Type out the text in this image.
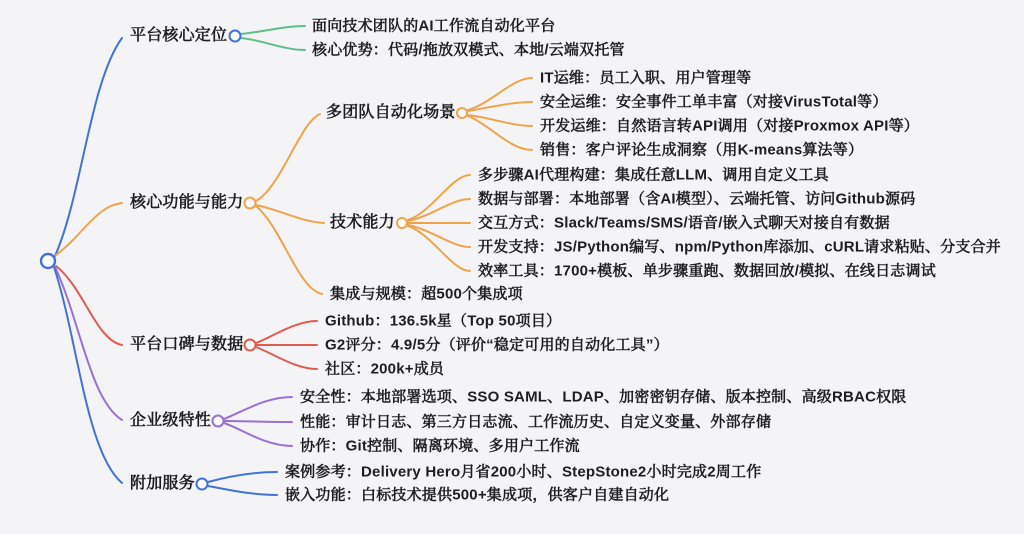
平台核心定位
核心功能与能力
平台口碑与数据
企业级特性
附加服务
面向技术团队的AI工作流自动化平台
核心优势：代码/拖放双模式、本地/云端双托管
多团队自动化场景
IT运维：员工入职、用户管理等
安全运维：安全事件工单丰富（对接VirusTotal等）
开发运维：自然语言转API调用（对接Proxmox API等）
销售：客户评论生成洞察（用K-means算法等）
技术能力
多步骤AI代理构建：集成任意LLM、调用自定义工具
数据与部署：本地部署（含AI模型）、云端托管、访问Github源码
交互方式：Slack/Teams/SMS/语音/嵌入式聊天对接自有数据
开发支持：JS/Python编写、npm/Python库添加、cURL请求粘贴、分支合并
效率工具：1700+模板、单步骤重跑、数据回放/模拟、在线日志调试
集成与规模：超500个集成项
Github：136.5k星（Top 50项目）
G2评分：4.9/5分（评价“稳定可用的自动化工具”）
社区：200k+成员
安全性：本地部署选项、SSO SAML、LDAP、加密密钥存储、版本控制、高级RBAC权限
性能：审计日志、第三方日志流、工作流历史、自定义变量、外部存储
协作：Git控制、隔离环境、多用户工作流
案例参考：Delivery Hero月省200小时、StepStone2小时完成2周工作
嵌入功能：白标技术提供500+集成项，供客户自建自动化
